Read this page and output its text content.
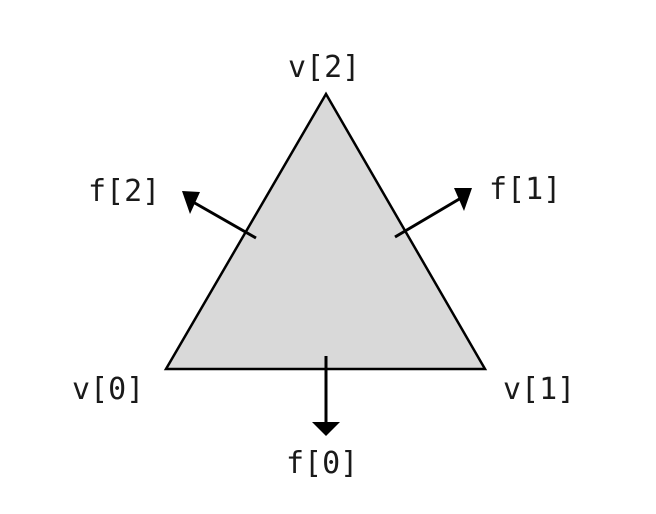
v[2]
f[2]	f[1]
v[0]	v[1]
f[0]
